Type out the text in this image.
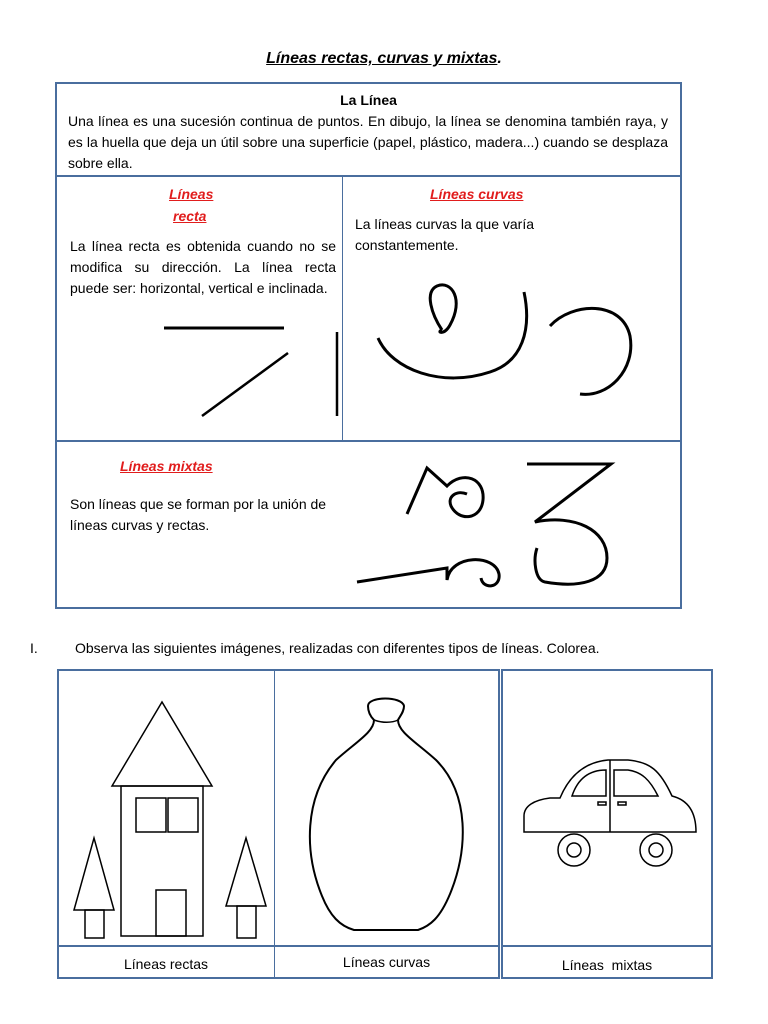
Líneas rectas, curvas y mixtas.
La Línea
Una línea es una sucesión continua de puntos. En dibujo, la línea se denomina también raya, y es la huella que deja un útil sobre una superficie (papel, plástico, madera...) cuando se desplaza sobre ella.
Líneas
recta
La línea recta es obtenida cuando no se modifica su dirección. La línea recta puede ser: horizontal, vertical e inclinada.
Líneas curvas
La líneas curvas la que varía constantemente.
Líneas mixtas
Son líneas que se forman por la unión de líneas curvas y rectas.
I.	Observa las siguientes imágenes, realizadas con diferentes tipos de líneas. Colorea.
Líneas rectas	Líneas curvas	Líneas  mixtas
